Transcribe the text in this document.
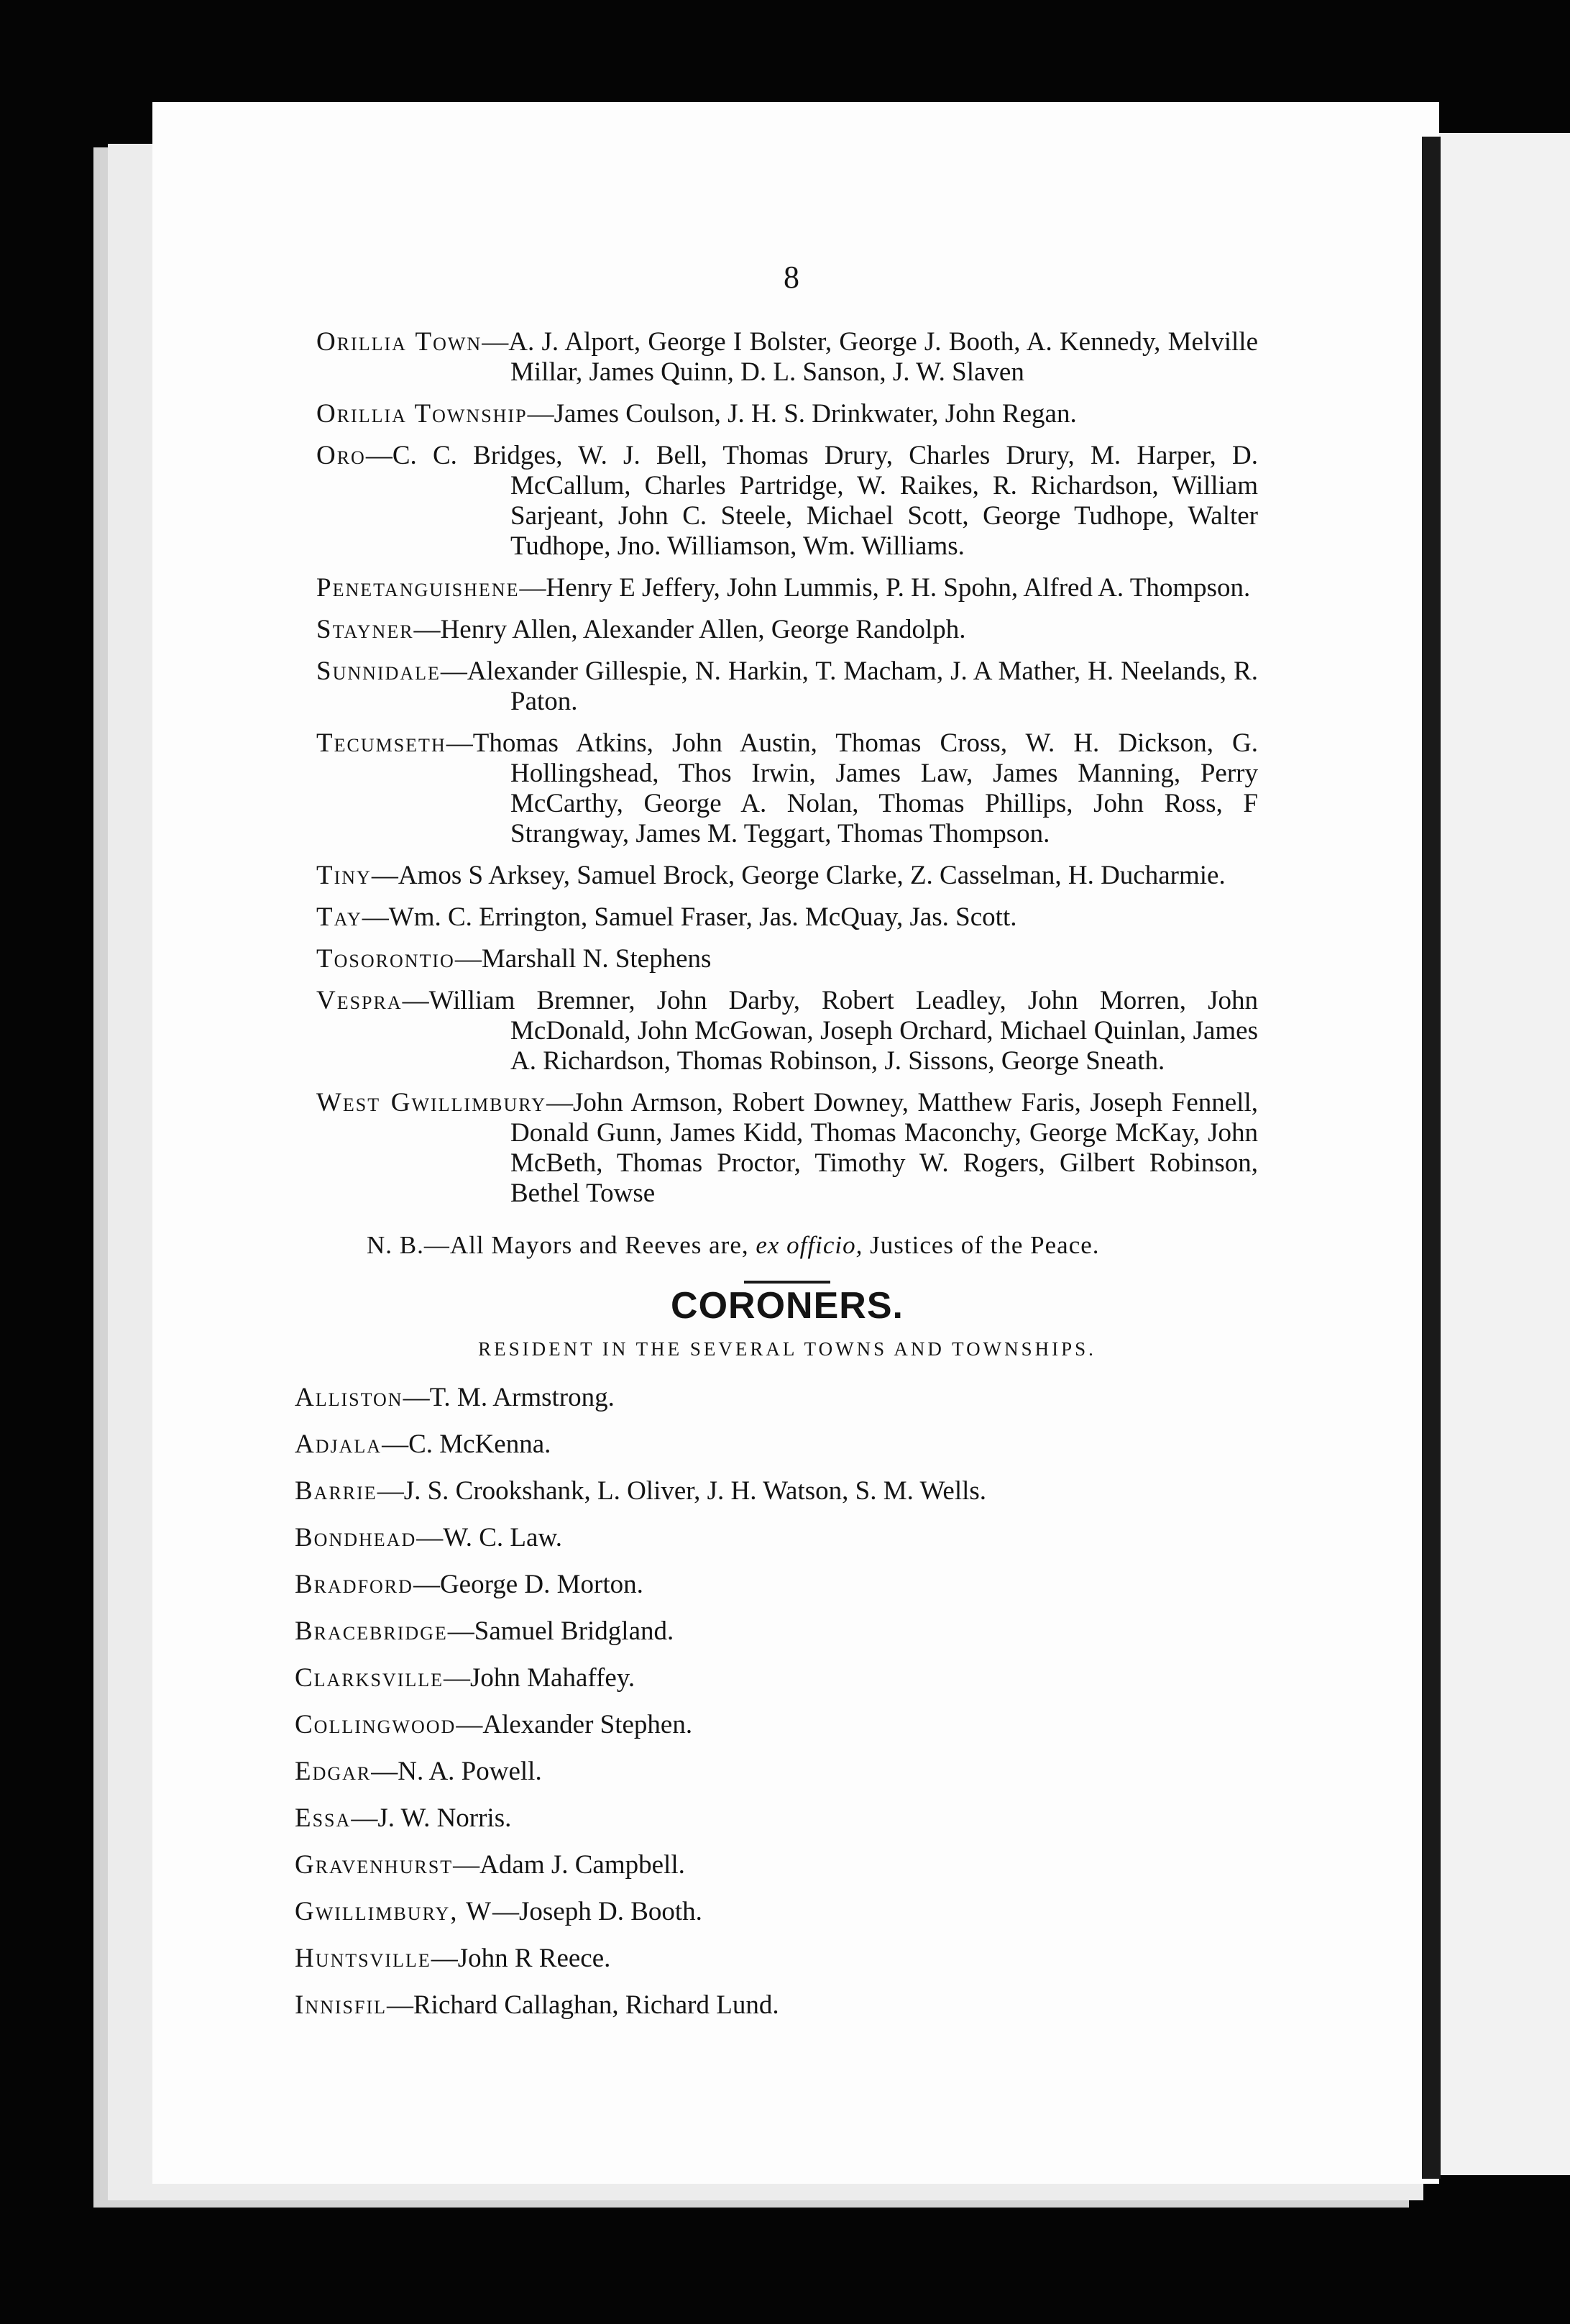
8

Orillia Town—A. J. Alport, George I Bolster, George J. Booth, A. Kennedy, Melville Millar, James Quinn, D. L. Sanson, J. W. Slaven

Orillia Township—James Coulson, J. H. S. Drinkwater, John Regan.

Oro—C. C. Bridges, W. J. Bell, Thomas Drury, Charles Drury, M. Harper, D. McCallum, Charles Partridge, W. Raikes, R. Richardson, William Sarjeant, John C. Steele, Michael Scott, George Tudhope, Walter Tudhope, Jno. Williamson, Wm. Williams.

Penetanguishene—Henry E Jeffery, John Lummis, P. H. Spohn, Alfred A. Thompson.

Stayner—Henry Allen, Alexander Allen, George Randolph.

Sunnidale—Alexander Gillespie, N. Harkin, T. Macham, J. A Mather, H. Neelands, R. Paton.

Tecumseth—Thomas Atkins, John Austin, Thomas Cross, W. H. Dickson, G. Hollingshead, Thos Irwin, James Law, James Manning, Perry McCarthy, George A. Nolan, Thomas Phillips, John Ross, F Strangway, James M. Teggart, Thomas Thompson.

Tiny—Amos S Arksey, Samuel Brock, George Clarke, Z. Casselman, H. Ducharmie.

Tay—Wm. C. Errington, Samuel Fraser, Jas. McQuay, Jas. Scott.

Tosorontio—Marshall N. Stephens

Vespra—William Bremner, John Darby, Robert Leadley, John Morren, John McDonald, John McGowan, Joseph Orchard, Michael Quinlan, James A. Richardson, Thomas Robinson, J. Sissons, George Sneath.

West Gwillimbury—John Armson, Robert Downey, Matthew Faris, Joseph Fennell, Donald Gunn, James Kidd, Thomas Maconchy, George McKay, John McBeth, Thomas Proctor, Timothy W. Rogers, Gilbert Robinson, Bethel Towse

N. B.—All Mayors and Reeves are, ex officio, Justices of the Peace.
CORONERS.
RESIDENT IN THE SEVERAL TOWNS AND TOWNSHIPS.

Alliston—T. M. Armstrong.

Adjala—C. McKenna.

Barrie—J. S. Crookshank, L. Oliver, J. H. Watson, S. M. Wells.

Bondhead—W. C. Law.

Bradford—George D. Morton.

Bracebridge—Samuel Bridgland.

Clarksville—John Mahaffey.

Collingwood—Alexander Stephen.

Edgar—N. A. Powell.

Essa—J. W. Norris.

Gravenhurst—Adam J. Campbell.

Gwillimbury, W—Joseph D. Booth.

Huntsville—John R Reece.

Innisfil—Richard Callaghan, Richard Lund.
